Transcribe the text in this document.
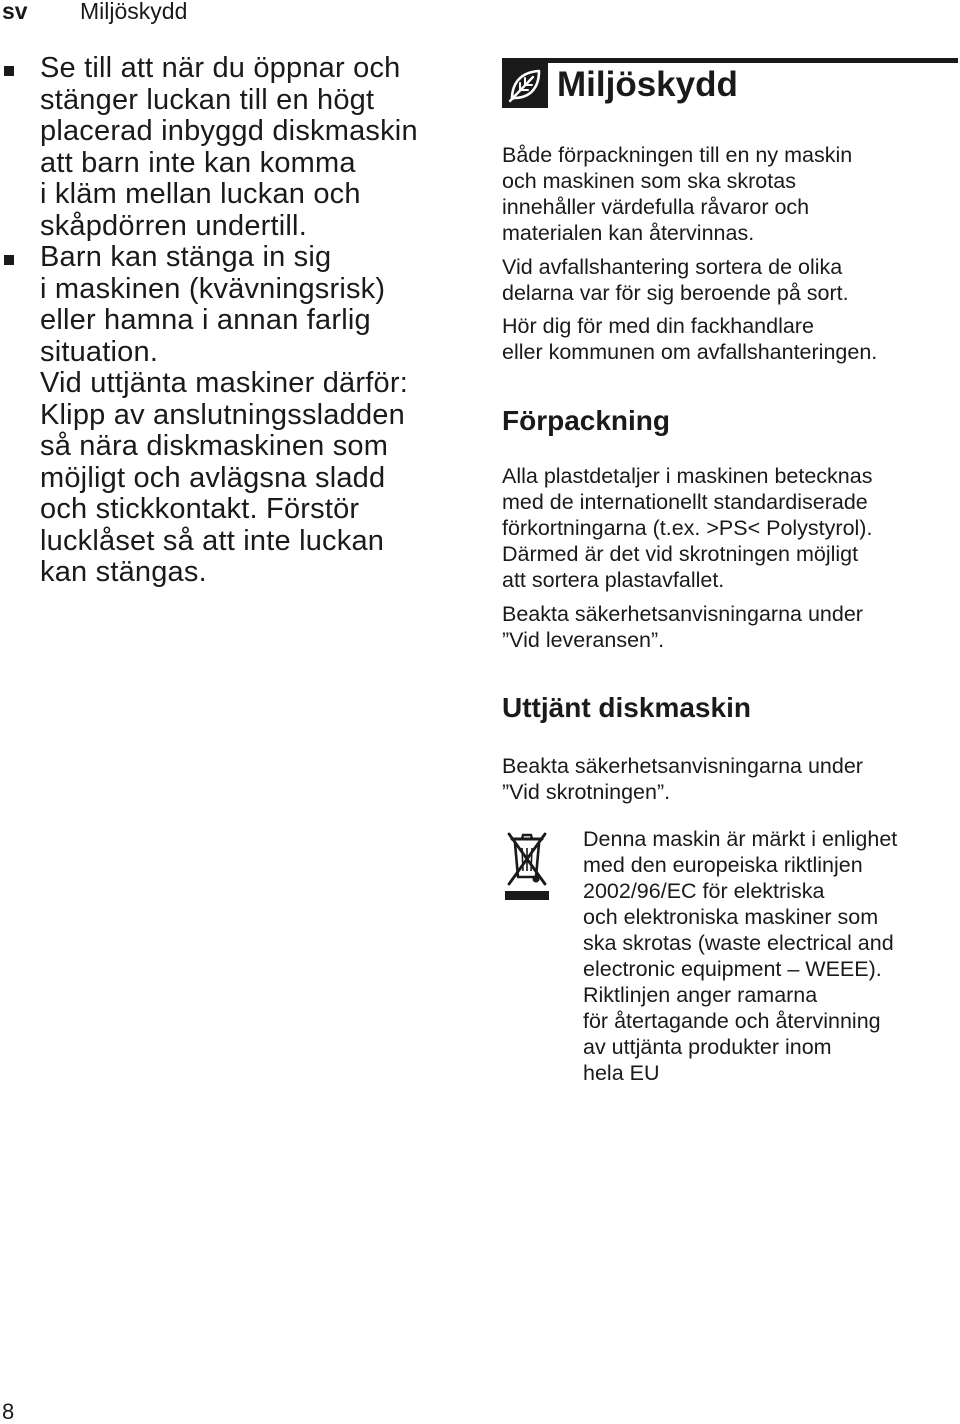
sv Miljöskydd

Se till att när du öppnar och
stänger luckan till en högt
placerad inbyggd diskmaskin
att barn inte kan komma
i kläm mellan luckan och
skåpdörren undertill.

Barn kan stänga in sig
i maskinen (kvävningsrisk)
eller hamna i annan farlig
situation.
Vid uttjänta maskiner därför:
Klipp av anslutningssladden
så nära diskmaskinen som
möjligt och avlägsna sladd
och stickkontakt. Förstör
lucklåset så att inte luckan
kan stängas.

Miljöskydd

Både förpackningen till en ny maskin
och maskinen som ska skrotas
innehåller värdefulla råvaror och
materialen kan återvinnas.

Vid avfallshantering sortera de olika
delarna var för sig beroende på sort.

Hör dig för med din fackhandlare
eller kommunen om avfallshanteringen.

Förpackning

Alla plastdetaljer i maskinen betecknas
med de internationellt standardiserade
förkortningarna (t.ex. >PS< Polystyrol).
Därmed är det vid skrotningen möjligt
att sortera plastavfallet.

Beakta säkerhetsanvisningarna under
”Vid leveransen”.

Uttjänt diskmaskin

Beakta säkerhetsanvisningarna under
”Vid skrotningen”.

Denna maskin är märkt i enlighet
med den europeiska riktlinjen
2002/96/EC för elektriska
och elektroniska maskiner som
ska skrotas (waste electrical and
electronic equipment – WEEE).
Riktlinjen anger ramarna
för återtagande och återvinning
av uttjänta produkter inom
hela EU

8
